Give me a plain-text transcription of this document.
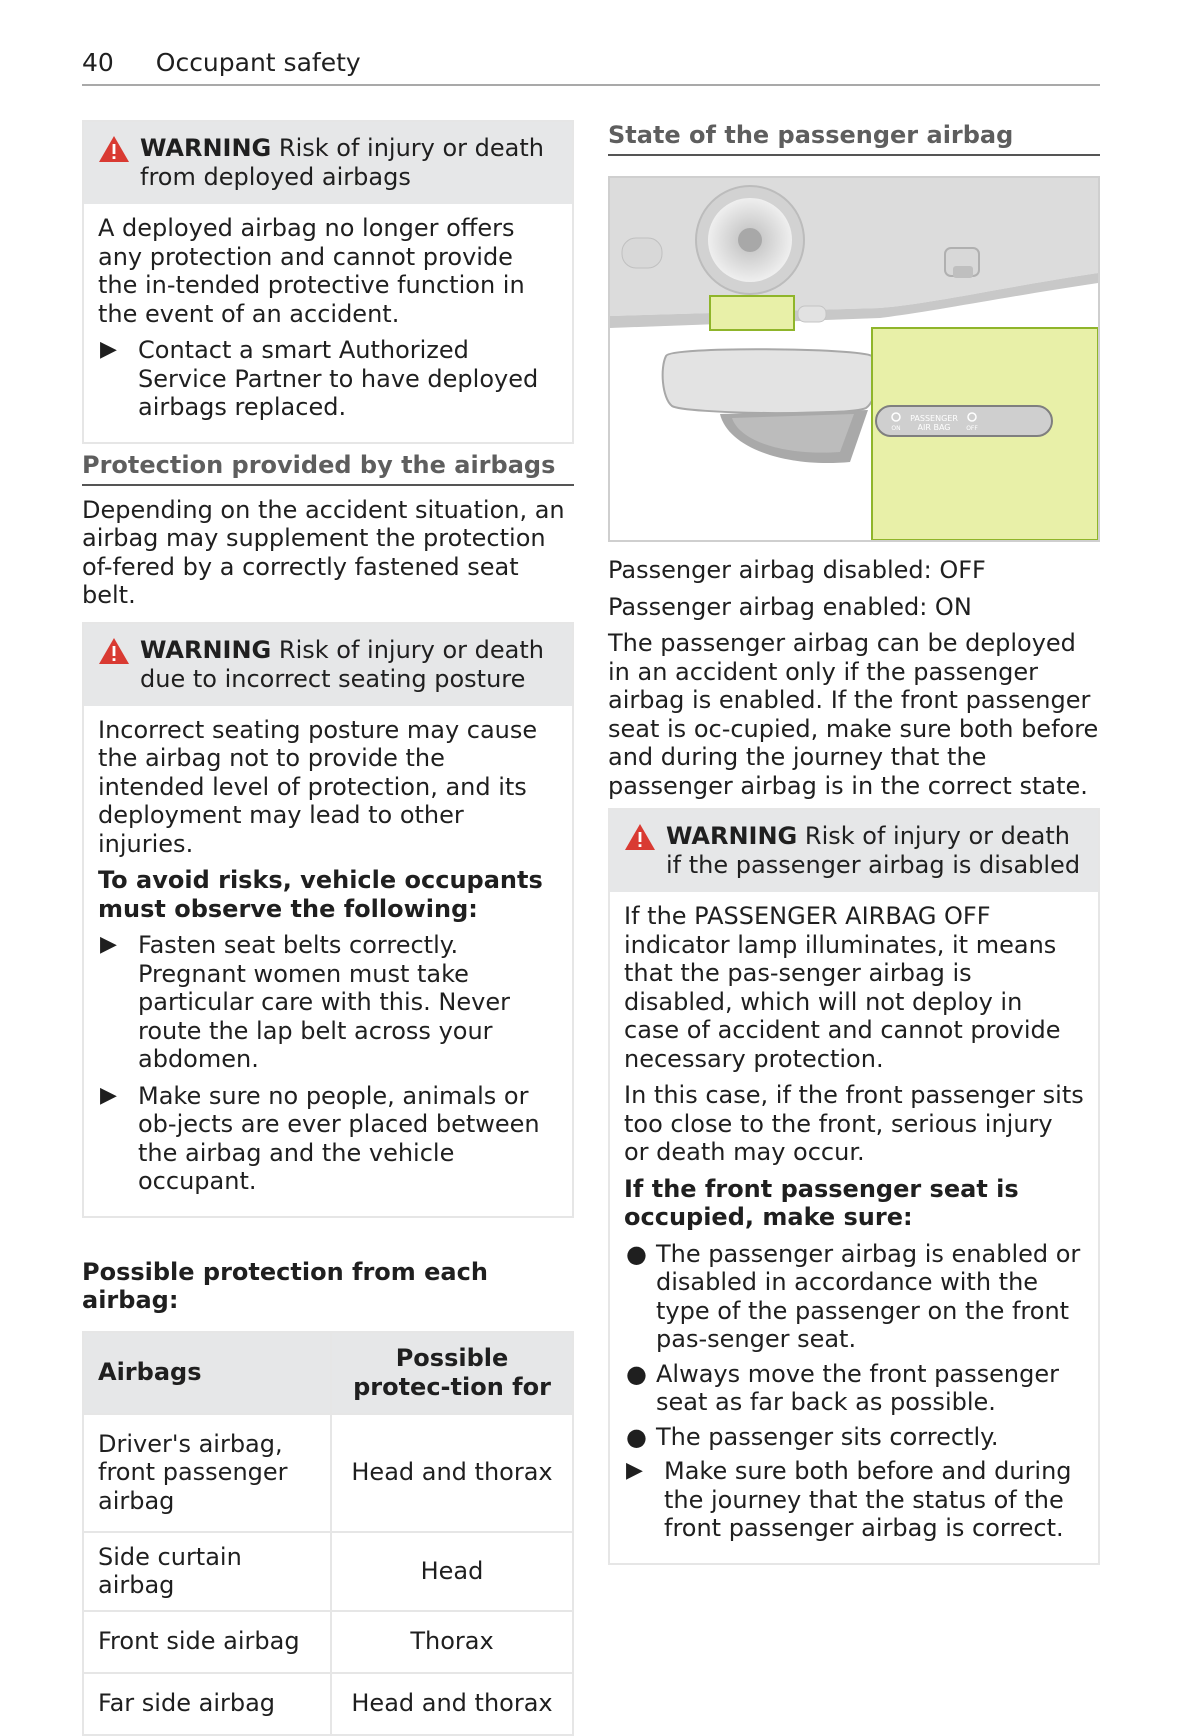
40 Occupant safety
WARNING Risk of injury or death from deployed airbags

A deployed airbag no longer offers any protection and cannot provide the in-tended protective function in the event of an accident.

▶ Contact a smart Authorized Service Partner to have deployed airbags replaced.
Protection provided by the airbags

Depending on the accident situation, an airbag may supplement the protection of-fered by a correctly fastened seat belt.

WARNING Risk of injury or death due to incorrect seating posture

Incorrect seating posture may cause the airbag not to provide the intended level of protection, and its deployment may lead to other injuries.

To avoid risks, vehicle occupants must observe the following:

▶ Fasten seat belts correctly. Pregnant women must take particular care with this. Never route the lap belt across your abdomen.
▶ Make sure no people, animals or ob-jects are ever placed between the airbag and the vehicle occupant.

Possible protection from each airbag:

Airbags	Possible protec-tion for
Driver's airbag, front passenger airbag	Head and thorax
Side curtain airbag	Head
Front side airbag	Thorax
Far side airbag	Head and thorax
State of the passenger airbag
ON
PASSENGER
AIR BAG	OFF

Passenger airbag disabled: OFF

Passenger airbag enabled: ON

The passenger airbag can be deployed in an accident only if the passenger airbag is enabled. If the front passenger seat is oc-cupied, make sure both before and during the journey that the passenger airbag is in the correct state.

WARNING Risk of injury or death if the passenger airbag is disabled

If the PASSENGER AIRBAG OFF indicator lamp illuminates, it means that the pas-senger airbag is disabled, which will not deploy in case of accident and cannot provide necessary protection.

In this case, if the front passenger sits too close to the front, serious injury or death may occur.

If the front passenger seat is occupied, make sure:

● The passenger airbag is enabled or disabled in accordance with the type of the passenger on the front pas-senger seat.
● Always move the front passenger seat as far back as possible.
● The passenger sits correctly.
▶ Make sure both before and during the journey that the status of the front passenger airbag is correct.
